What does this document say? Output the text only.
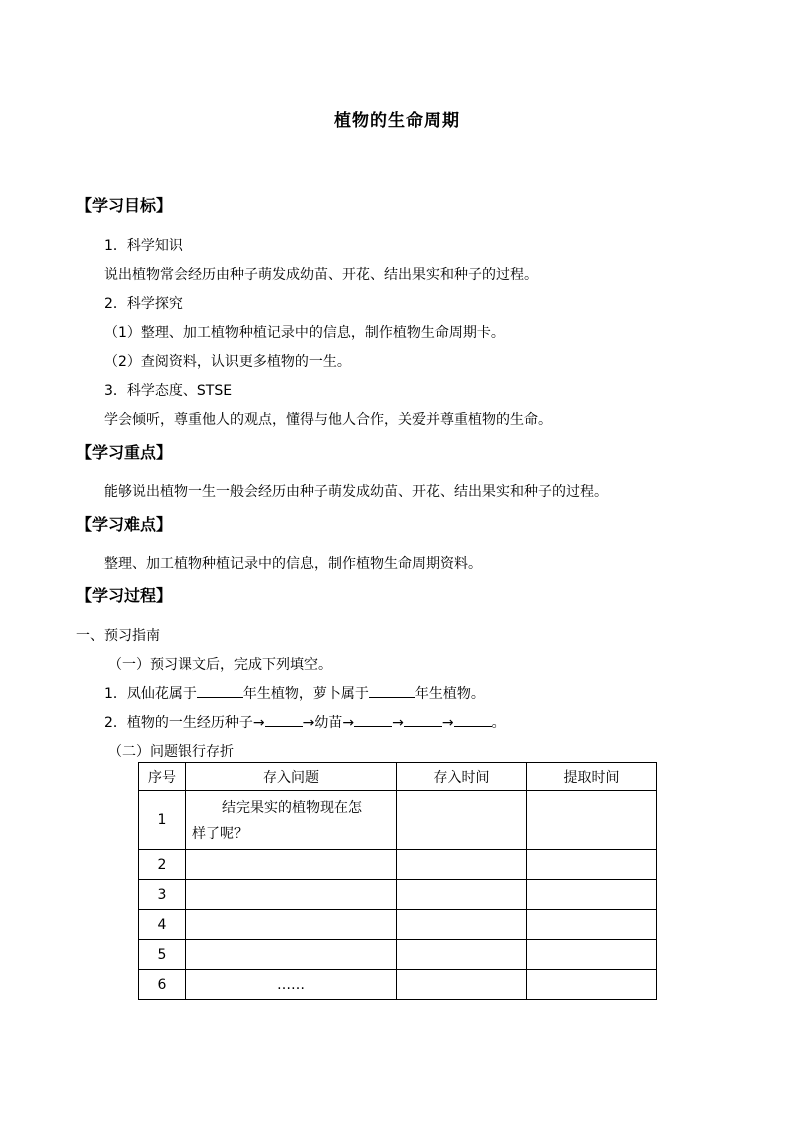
植物的生命周期
【学习目标】
1．科学知识
说出植物常会经历由种子萌发成幼苗、开花、结出果实和种子的过程。
2．科学探究
（1）整理、加工植物种植记录中的信息，制作植物生命周期卡。
（2）查阅资料，认识更多植物的一生。
3．科学态度、STSE
学会倾听，尊重他人的观点，懂得与他人合作，关爱并尊重植物的生命。
【学习重点】
能够说出植物一生一般会经历由种子萌发成幼苗、开花、结出果实和种子的过程。
【学习难点】
整理、加工植物种植记录中的信息，制作植物生命周期资料。
【学习过程】
一、预习指南
（一）预习课文后，完成下列填空。
1．凤仙花属于	年生植物，萝卜属于	年生植物。
2．植物的一生经历种子→	→幼苗→	→	→	。
（二）问题银行存折
序号	存入问题	存入时间	提取时间
1	结完果实的植物现在怎
样了呢？		

2			
3			
4			
5			
6	……		
